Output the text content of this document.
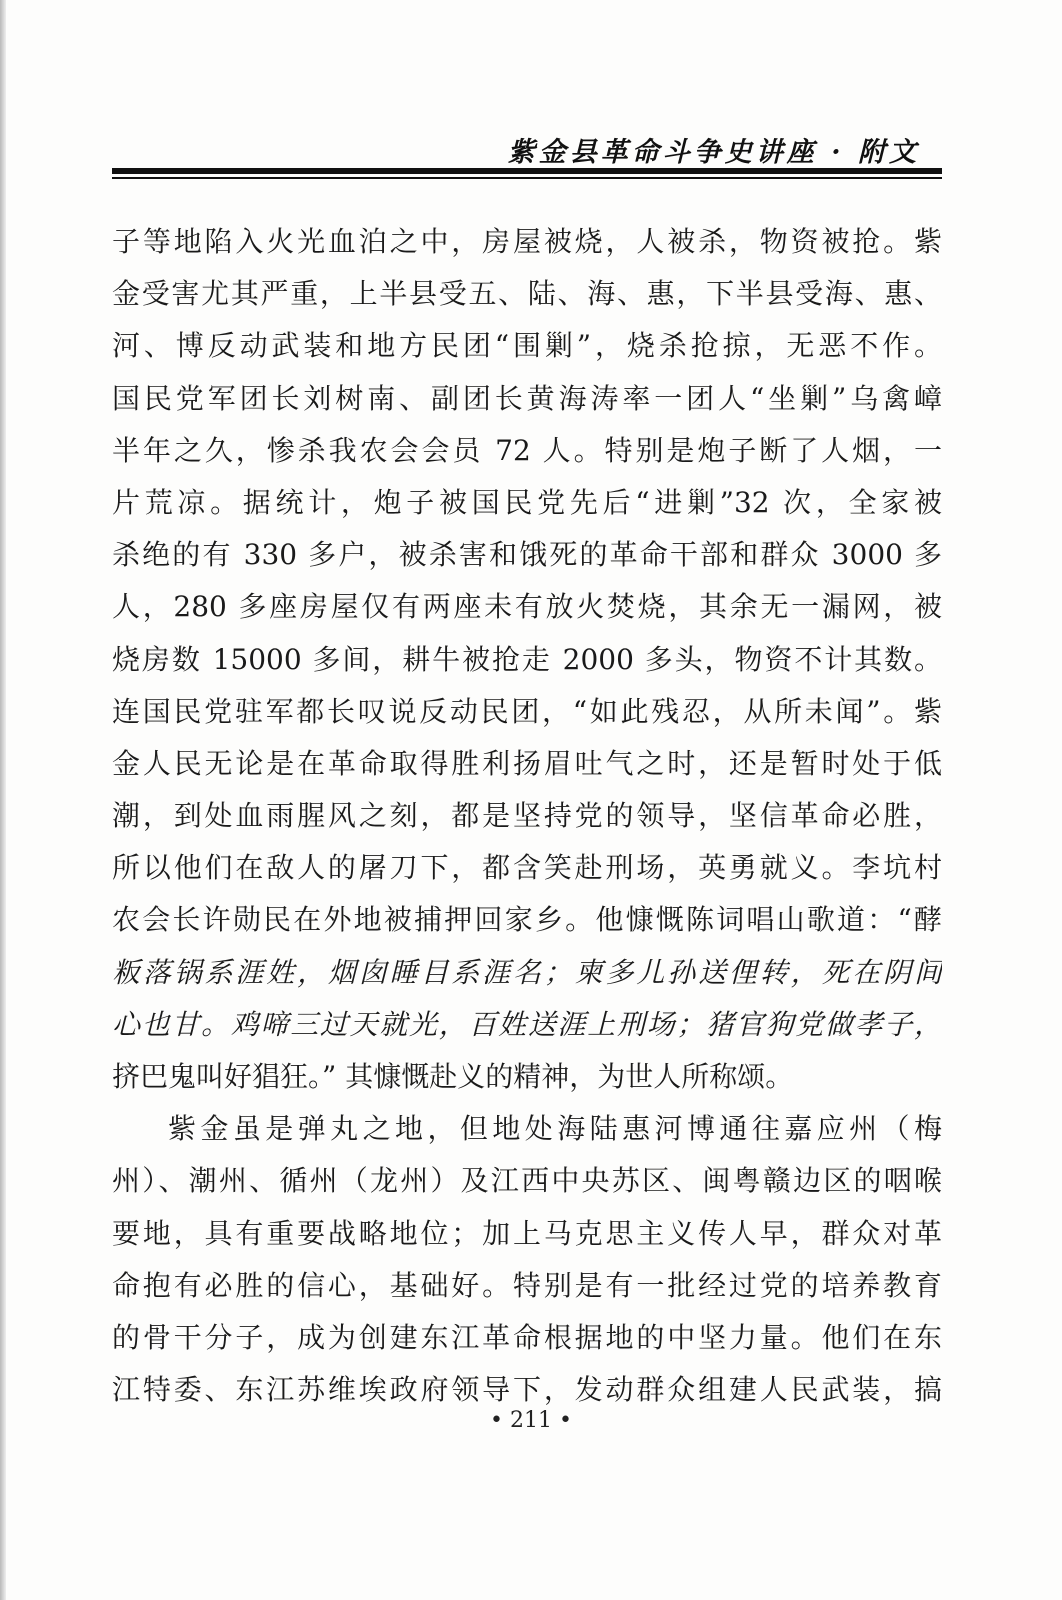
紫金县革命斗争史讲座 · 附文
子等地陷入火光血泊之中，房屋被烧，人被杀，物资被抢。紫
金受害尤其严重，上半县受五、陆、海、惠，下半县受海、惠、
河、博反动武装和地方民团“围剿”，烧杀抢掠，无恶不作。
国民党军团长刘树南、副团长黄海涛率一团人“坐剿”乌禽嶂
半年之久，惨杀我农会会员 72 人。特别是炮子断了人烟，一
片荒凉。据统计，炮子被国民党先后“进剿”32 次，全家被
杀绝的有 330 多户，被杀害和饿死的革命干部和群众 3000 多
人，280 多座房屋仅有两座未有放火焚烧，其余无一漏网，被
烧房数 15000 多间，耕牛被抢走 2000 多头，物资不计其数。
连国民党驻军都长叹说反动民团，“如此残忍，从所未闻”。紫
金人民无论是在革命取得胜利扬眉吐气之时，还是暂时处于低
潮，到处血雨腥风之刻，都是坚持党的领导，坚信革命必胜，
所以他们在敌人的屠刀下，都含笑赴刑场，英勇就义。李坑村
农会长许勋民在外地被捕押回家乡。他慷慨陈词唱山歌道：“酵
粄落锅系涯姓，烟囱睡目系涯名；柬多儿孙送俚转，死在阴间
心也甘。鸡啼三过天就光，百姓送涯上刑场；猪官狗党做孝子，
挤巴鬼叫好猖狂。” 其慷慨赴义的精神，为世人所称颂。
紫金虽是弹丸之地，但地处海陆惠河博通往嘉应州（梅
州）、潮州、循州（龙州）及江西中央苏区、闽粤赣边区的咽喉
要地，具有重要战略地位；加上马克思主义传人早，群众对革
命抱有必胜的信心，基础好。特别是有一批经过党的培养教育
的骨干分子，成为创建东江革命根据地的中坚力量。他们在东
江特委、东江苏维埃政府领导下，发动群众组建人民武装，搞
• 211 •
